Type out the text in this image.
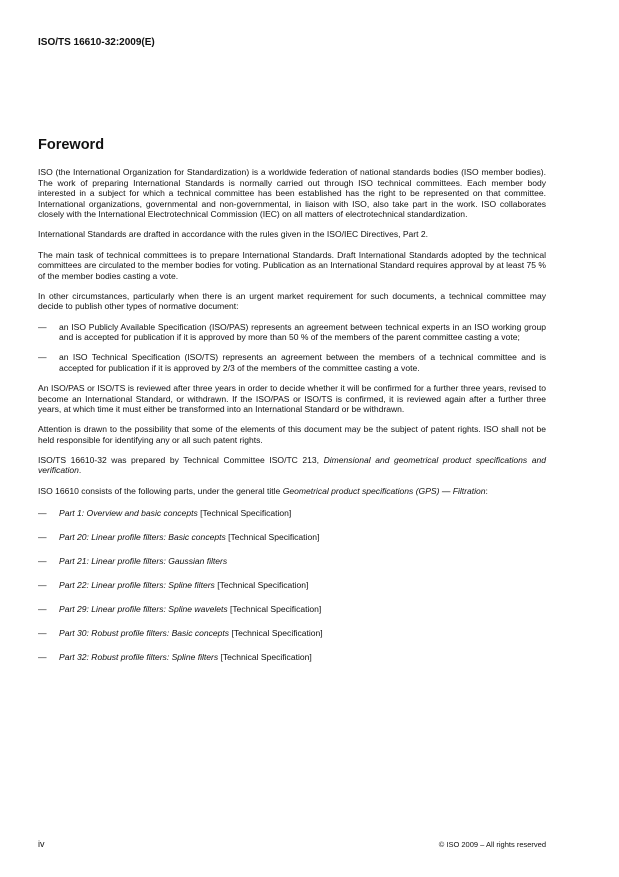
ISO/TS 16610-32:2009(E)
Foreword

ISO (the International Organization for Standardization) is a worldwide federation of national standards bodies (ISO member bodies). The work of preparing International Standards is normally carried out through ISO technical committees. Each member body interested in a subject for which a technical committee has been established has the right to be represented on that committee. International organizations, governmental and non-governmental, in liaison with ISO, also take part in the work. ISO collaborates closely with the International Electrotechnical Commission (IEC) on all matters of electrotechnical standardization.

International Standards are drafted in accordance with the rules given in the ISO/IEC Directives, Part 2.

The main task of technical committees is to prepare International Standards. Draft International Standards adopted by the technical committees are circulated to the member bodies for voting. Publication as an International Standard requires approval by at least 75 % of the member bodies casting a vote.

In other circumstances, particularly when there is an urgent market requirement for such documents, a technical committee may decide to publish other types of normative document:

—	an ISO Publicly Available Specification (ISO/PAS) represents an agreement between technical experts in an ISO working group and is accepted for publication if it is approved by more than 50 % of the members of the parent committee casting a vote;
—	an ISO Technical Specification (ISO/TS) represents an agreement between the members of a technical committee and is accepted for publication if it is approved by 2/3 of the members of the committee casting a vote.

An ISO/PAS or ISO/TS is reviewed after three years in order to decide whether it will be confirmed for a further three years, revised to become an International Standard, or withdrawn. If the ISO/PAS or ISO/TS is confirmed, it is reviewed again after a further three years, at which time it must either be transformed into an International Standard or be withdrawn.

Attention is drawn to the possibility that some of the elements of this document may be the subject of patent rights. ISO shall not be held responsible for identifying any or all such patent rights.

ISO/TS 16610-32 was prepared by Technical Committee ISO/TC 213, Dimensional and geometrical product specifications and verification.

ISO 16610 consists of the following parts, under the general title Geometrical product specifications (GPS) — Filtration:

—	Part 1: Overview and basic concepts [Technical Specification]
—	Part 20: Linear profile filters: Basic concepts [Technical Specification]
—	Part 21: Linear profile filters: Gaussian filters
—	Part 22: Linear profile filters: Spline filters [Technical Specification]
—	Part 29: Linear profile filters: Spline wavelets [Technical Specification]
—	Part 30: Robust profile filters: Basic concepts [Technical Specification]
—	Part 32: Robust profile filters: Spline filters [Technical Specification]
iv	© ISO 2009 – All rights reserved
